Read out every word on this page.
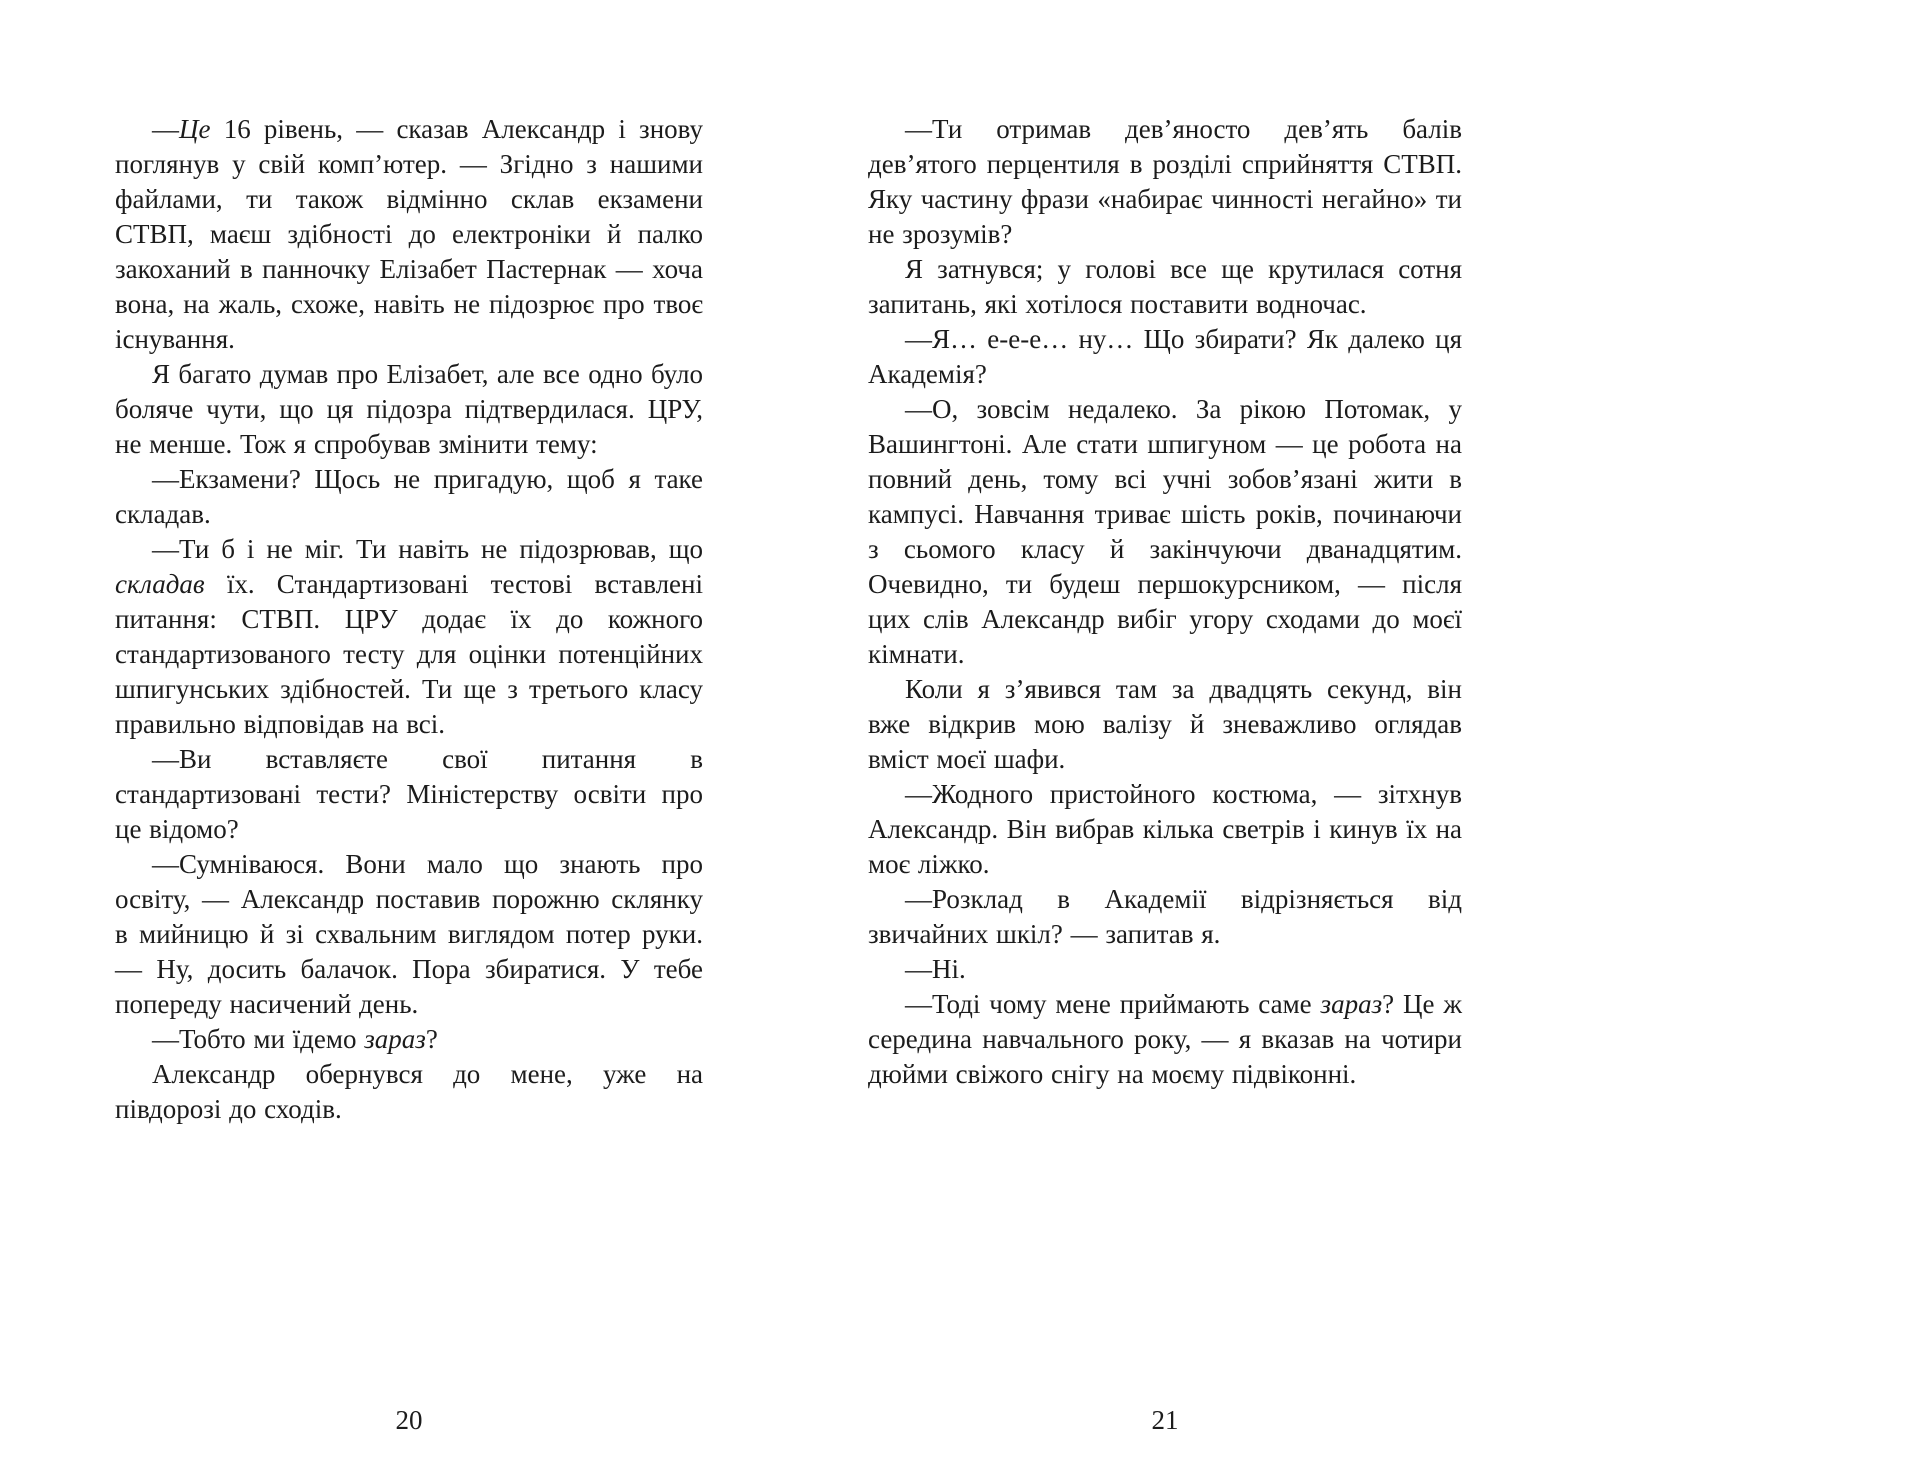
—Це 16 рівень, — сказав Александр і знову поглянув у свій комп’ютер. — Згідно з нашими файлами, ти також відмінно склав екзамени СТВП, маєш здібності до електроніки й палко закоханий в панночку Елізабет Пастернак — хоча вона, на жаль, схоже, навіть не підозрює про твоє існування.

Я багато думав про Елізабет, але все одно було боляче чути, що ця підозра підтвердилася. ЦРУ, не менше. Тож я спробував змінити тему:

—Екзамени? Щось не пригадую, щоб я таке складав.

—Ти б і не міг. Ти навіть не підозрював, що складав їх. Стандартизовані тестові вставлені питання: СТВП. ЦРУ додає їх до кожного стандартизованого тесту для оцінки потенційних шпигунських здібностей. Ти ще з третього класу правильно відповідав на всі.

—Ви вставляєте свої питання в стандартизовані тести? Міністерству освіти про це відомо?

—Сумніваюся. Вони мало що знають про освіту, — Александр поставив порожню склянку в мийницю й зі схвальним виглядом потер руки. — Ну, досить балачок. Пора збиратися. У тебе попереду насичений день.

—Тобто ми їдемо зараз?

Александр обернувся до мене, уже на півдорозі до сходів.

—Ти отримав дев’яносто дев’ять балів дев’ятого перцентиля в розділі сприйняття СТВП. Яку частину фрази «набирає чинності негайно» ти не зрозумів?

Я затнувся; у голові все ще крутилася сотня запитань, які хотілося поставити водночас.

—Я… е-е-е… ну… Що збирати? Як далеко ця Академія?

—О, зовсім недалеко. За рікою Потомак, у Вашингтоні. Але стати шпигуном — це робота на повний день, тому всі учні зобов’язані жити в кампусі. Навчання триває шість років, починаючи з сьомого класу й закінчуючи дванадцятим. Очевидно, ти будеш першокурсником, — після цих слів Александр вибіг угору сходами до моєї кімнати.

Коли я з’явився там за двадцять секунд, він вже відкрив мою валізу й зневажливо оглядав вміст моєї шафи.

—Жодного пристойного костюма, — зітхнув Александр. Він вибрав кілька светрів і кинув їх на моє ліжко.

—Розклад в Академії відрізняється від звичайних шкіл? — запитав я.

—Ні.

—Тоді чому мене приймають саме зараз? Це ж середина навчального року, — я вказав на чотири дюйми свіжого снігу на моєму підвіконні.

20	21
